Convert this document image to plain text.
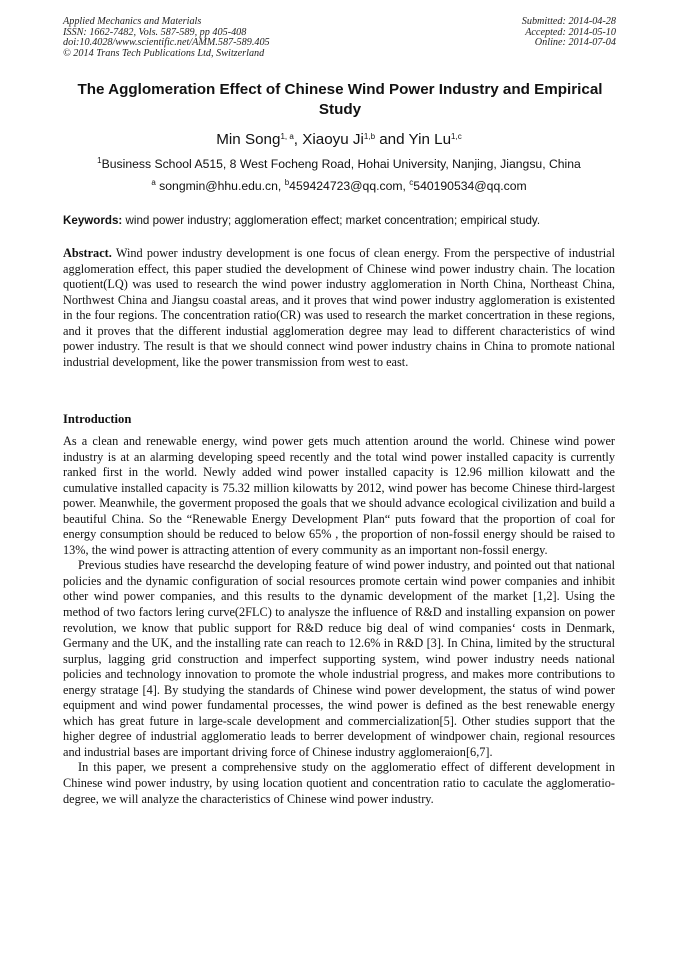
Applied Mechanics and Materials
ISSN: 1662-7482, Vols. 587-589, pp 405-408
doi:10.4028/www.scientific.net/AMM.587-589.405
© 2014 Trans Tech Publications Ltd, Switzerland
Submitted: 2014-04-28
Accepted: 2014-05-10
Online: 2014-07-04
The Agglomeration Effect of Chinese Wind Power Industry and Empirical Study
Min Song$^{1, a}$, Xiaoyu Ji$^{1,b}$ and Yin Lu$^{1,c}$
$^1$Business School A515, 8 West Focheng Road, Hohai University, Nanjing, Jiangsu, China
$^a$ songmin@hhu.edu.cn, $^b$459424723@qq.com, $^c$540190534@qq.com
Keywords: wind power industry; agglomeration effect; market concentration; empirical study.

Abstract. Wind power industry development is one focus of clean energy. From the perspective of industrial agglomeration effect, this paper studied the development of Chinese wind power industry chain. The location quotient(LQ) was used to research the wind power industry agglomeration in North China, Northeast China, Northwest China and Jiangsu coastal areas, and it proves that wind power industry agglomeration is existented in the four regions. The concentration ratio(CR) was used to research the market concertration in these regions, and it proves that the different industial agglomeration degree may lead to different characteristics of wind power industry. The result is that we should connect wind power industry chains in China to promote national industrial development, like the power transmission from west to east.

Introduction

As a clean and renewable energy, wind power gets much attention around the world. Chinese wind power industry is at an alarming developing speed recently and the total wind power installed capacity is currently ranked first in the world. Newly added wind power installed capacity is 12.96 million kilowatt and the cumulative installed capacity is 75.32 million kilowatts by 2012, wind power has become Chinese third-largest power. Meanwhile, the goverment proposed the goals that we should advance ecological civilization and build a beautiful China. So the “Renewable Energy Development Plan“ puts foward that the proportion of coal for energy consumption should be reduced to below 65% , the proportion of non-fossil energy should be raised to 13%, the wind power is attracting attention of every community as an important non-fossil energy.

Previous studies have researchd the developing feature of wind power industry, and pointed out that national policies and the dynamic configuration of social resources promote certain wind power companies and inhibit other wind power companies, and this results to the dynamic development of the market [1,2]. Using the method of two factors lering curve(2FLC) to analysze the influence of R&D and installing expansion on power revolution, we know that public support for R&D reduce big deal of wind companies‘ costs in Denmark, Germany and the UK, and the installing rate can reach to 12.6% in R&D [3]. In China, limited by the structural surplus, lagging grid construction and imperfect supporting system, wind power industry needs national policies and technology innovation to promote the whole industrial progress, and makes more contributions to energy stratage [4]. By studying the standards of Chinese wind power development, the status of wind power equipment and wind power fundamental processes, the wind power is defined as the best renewable energy which has great future in large-scale development and commercialization[5]. Other studies support that the higher degree of industrial agglomeratio leads to berrer development of windpower chain, regional resources and industrial bases are important driving force of Chinese industry agglomeraion[6,7].

In this paper, we present a comprehensive study on the agglomeratio effect of different development in Chinese wind power industry, by using location quotient and concentration ratio to caculate the agglomeratio-degree, we will analyze the characteristics of Chinese wind power industry.
